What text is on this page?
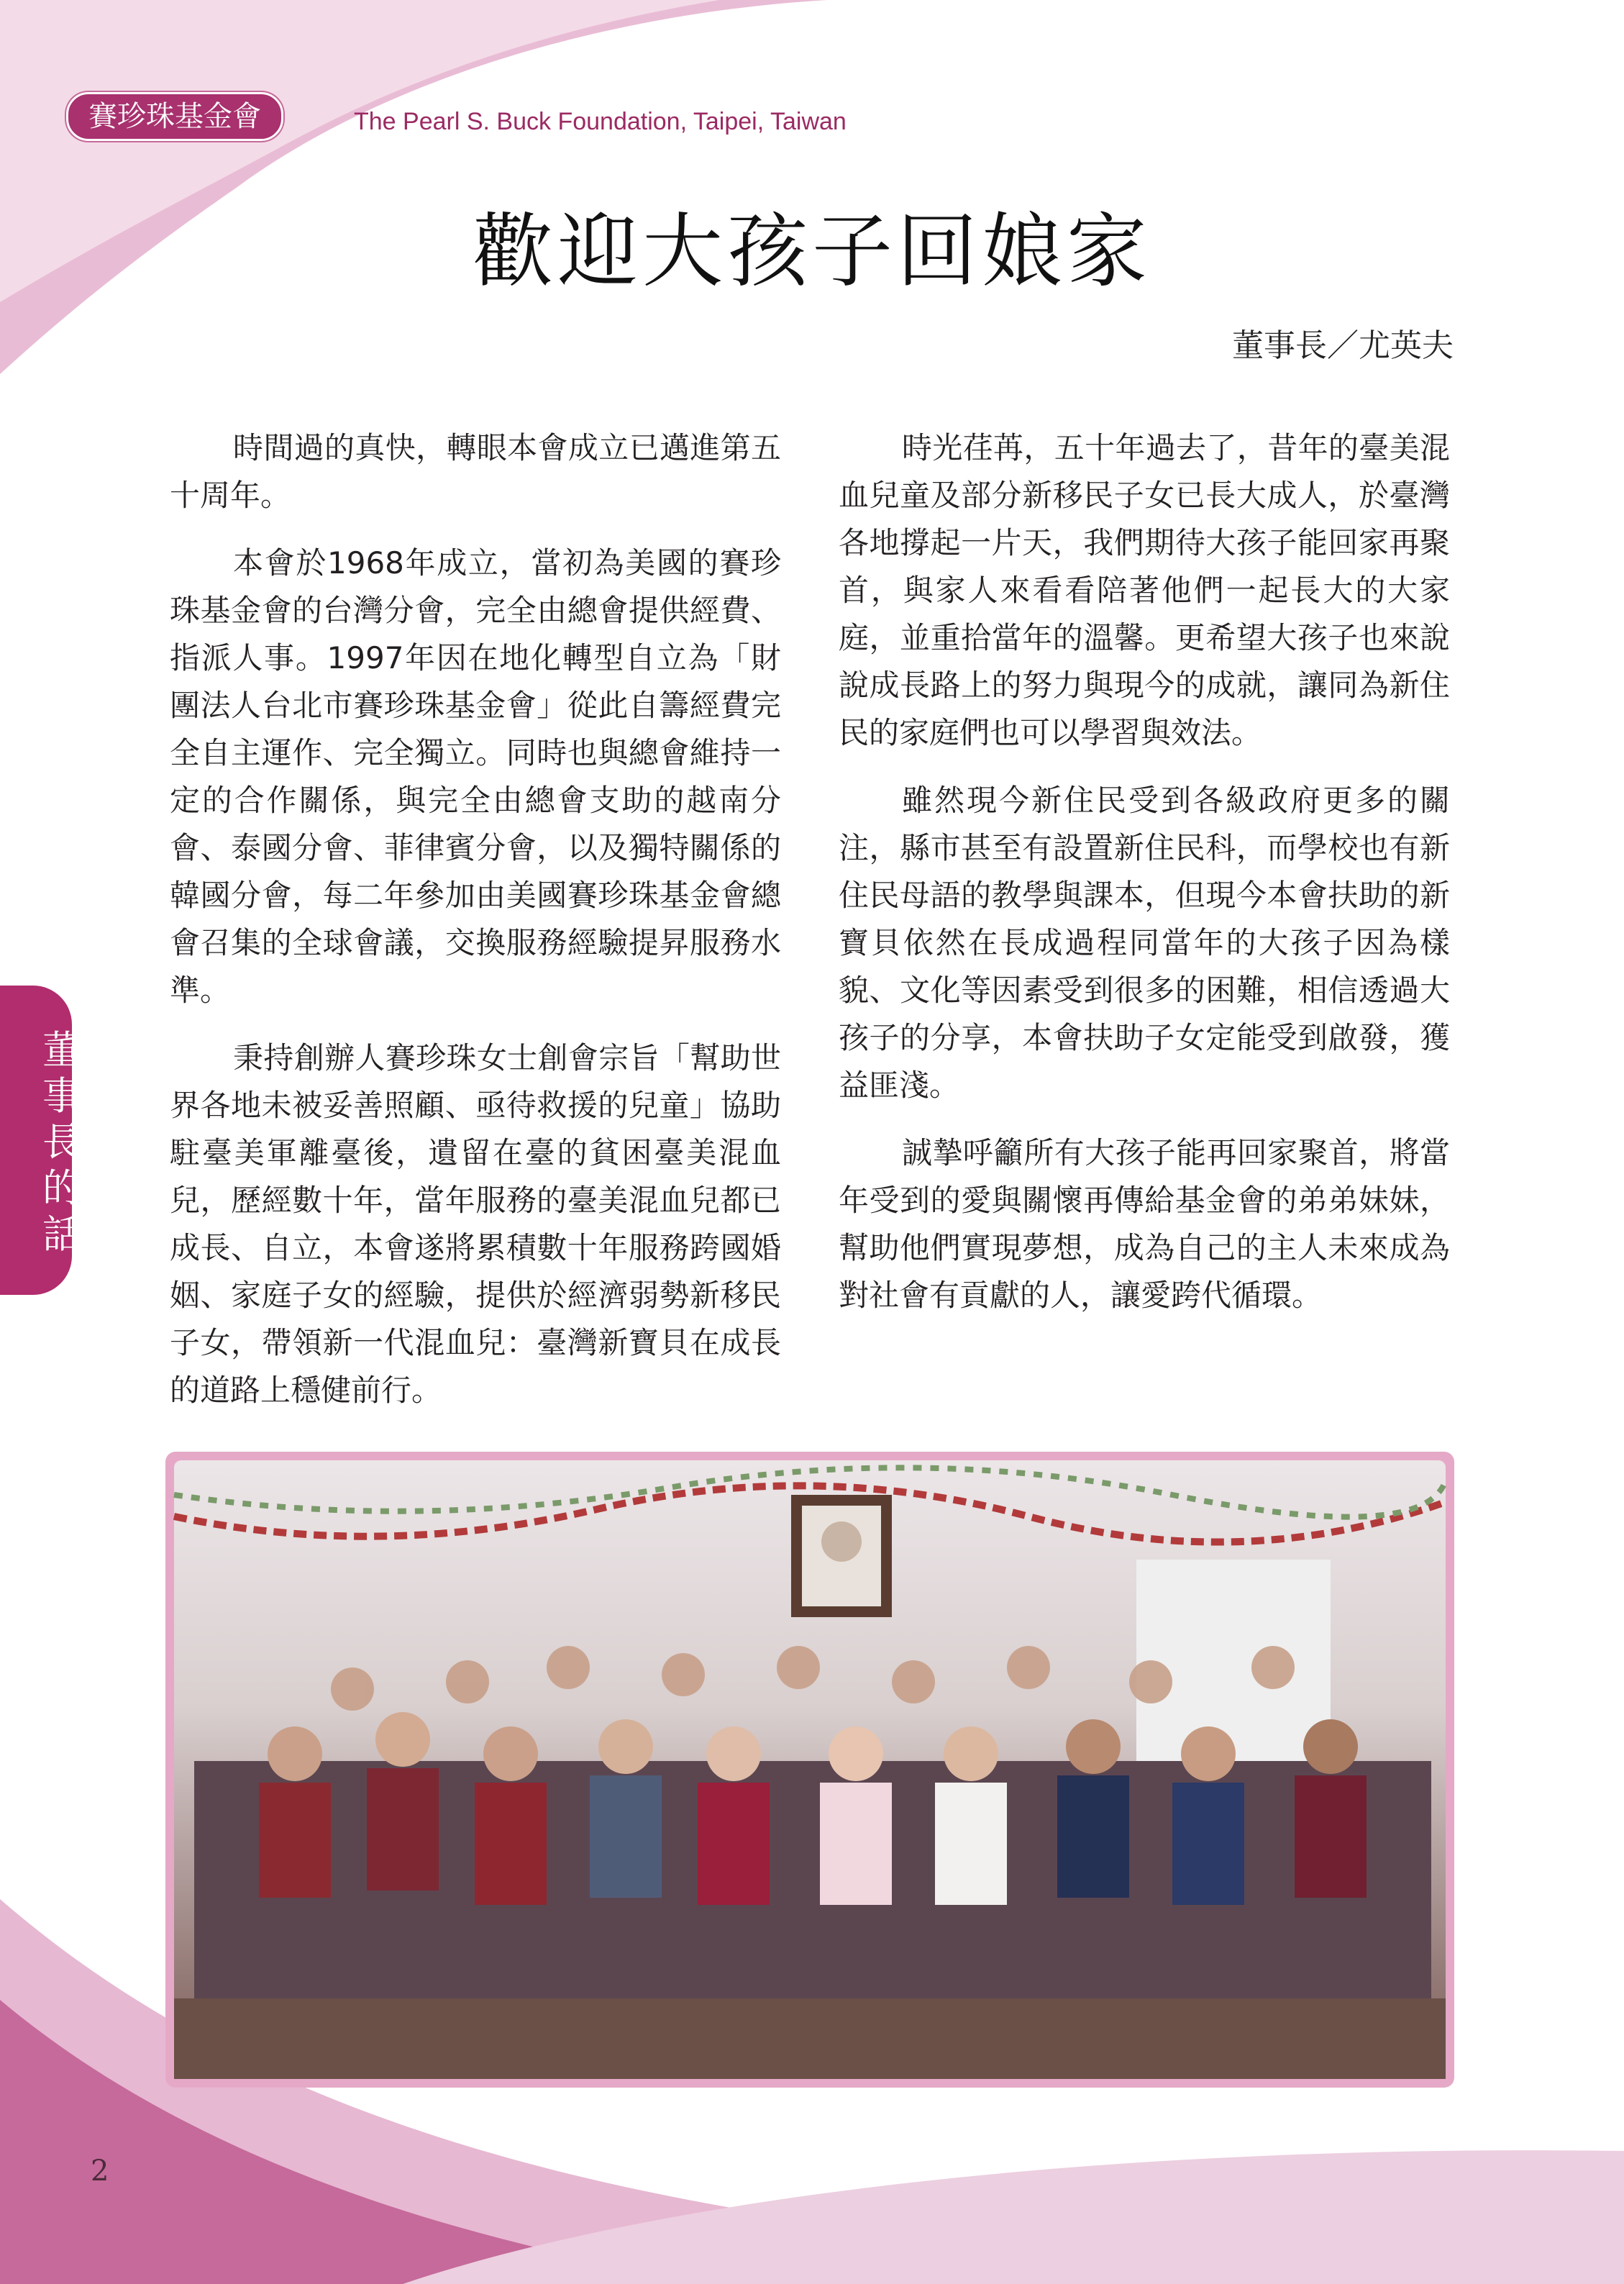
賽珍珠基金會	The Pearl S. Buck Foundation, Taipei, Taiwan
歡迎大孩子回娘家
董事長／尤英夫

時間過的真快，轉眼本會成立已邁進第五十周年。

本會於1968年成立，當初為美國的賽珍珠基金會的台灣分會，完全由總會提供經費、指派人事。1997年因在地化轉型自立為「財團法人台北市賽珍珠基金會」從此自籌經費完全自主運作、完全獨立。同時也與總會維持一定的合作關係，與完全由總會支助的越南分會、泰國分會、菲律賓分會，以及獨特關係的韓國分會，每二年參加由美國賽珍珠基金會總會召集的全球會議，交換服務經驗提昇服務水準。

秉持創辦人賽珍珠女士創會宗旨「幫助世界各地未被妥善照顧、亟待救援的兒童」協助駐臺美軍離臺後，遺留在臺的貧困臺美混血兒，歷經數十年，當年服務的臺美混血兒都已成長、自立，本會遂將累積數十年服務跨國婚姻、家庭子女的經驗，提供於經濟弱勢新移民子女，帶領新一代混血兒：臺灣新寶貝在成長的道路上穩健前行。

時光荏苒，五十年過去了，昔年的臺美混血兒童及部分新移民子女已長大成人，於臺灣各地撐起一片天，我們期待大孩子能回家再聚首，與家人來看看陪著他們一起長大的大家庭，並重拾當年的溫馨。更希望大孩子也來說說成長路上的努力與現今的成就，讓同為新住民的家庭們也可以學習與效法。

雖然現今新住民受到各級政府更多的關注，縣市甚至有設置新住民科，而學校也有新住民母語的教學與課本，但現今本會扶助的新寶貝依然在長成過程同當年的大孩子因為樣貌、文化等因素受到很多的困難，相信透過大孩子的分享，本會扶助子女定能受到啟發，獲益匪淺。

誠摯呼籲所有大孩子能再回家聚首，將當年受到的愛與關懷再傳給基金會的弟弟妹妹，幫助他們實現夢想，成為自己的主人未來成為對社會有貢獻的人，讓愛跨代循環。

董事長的話
2
